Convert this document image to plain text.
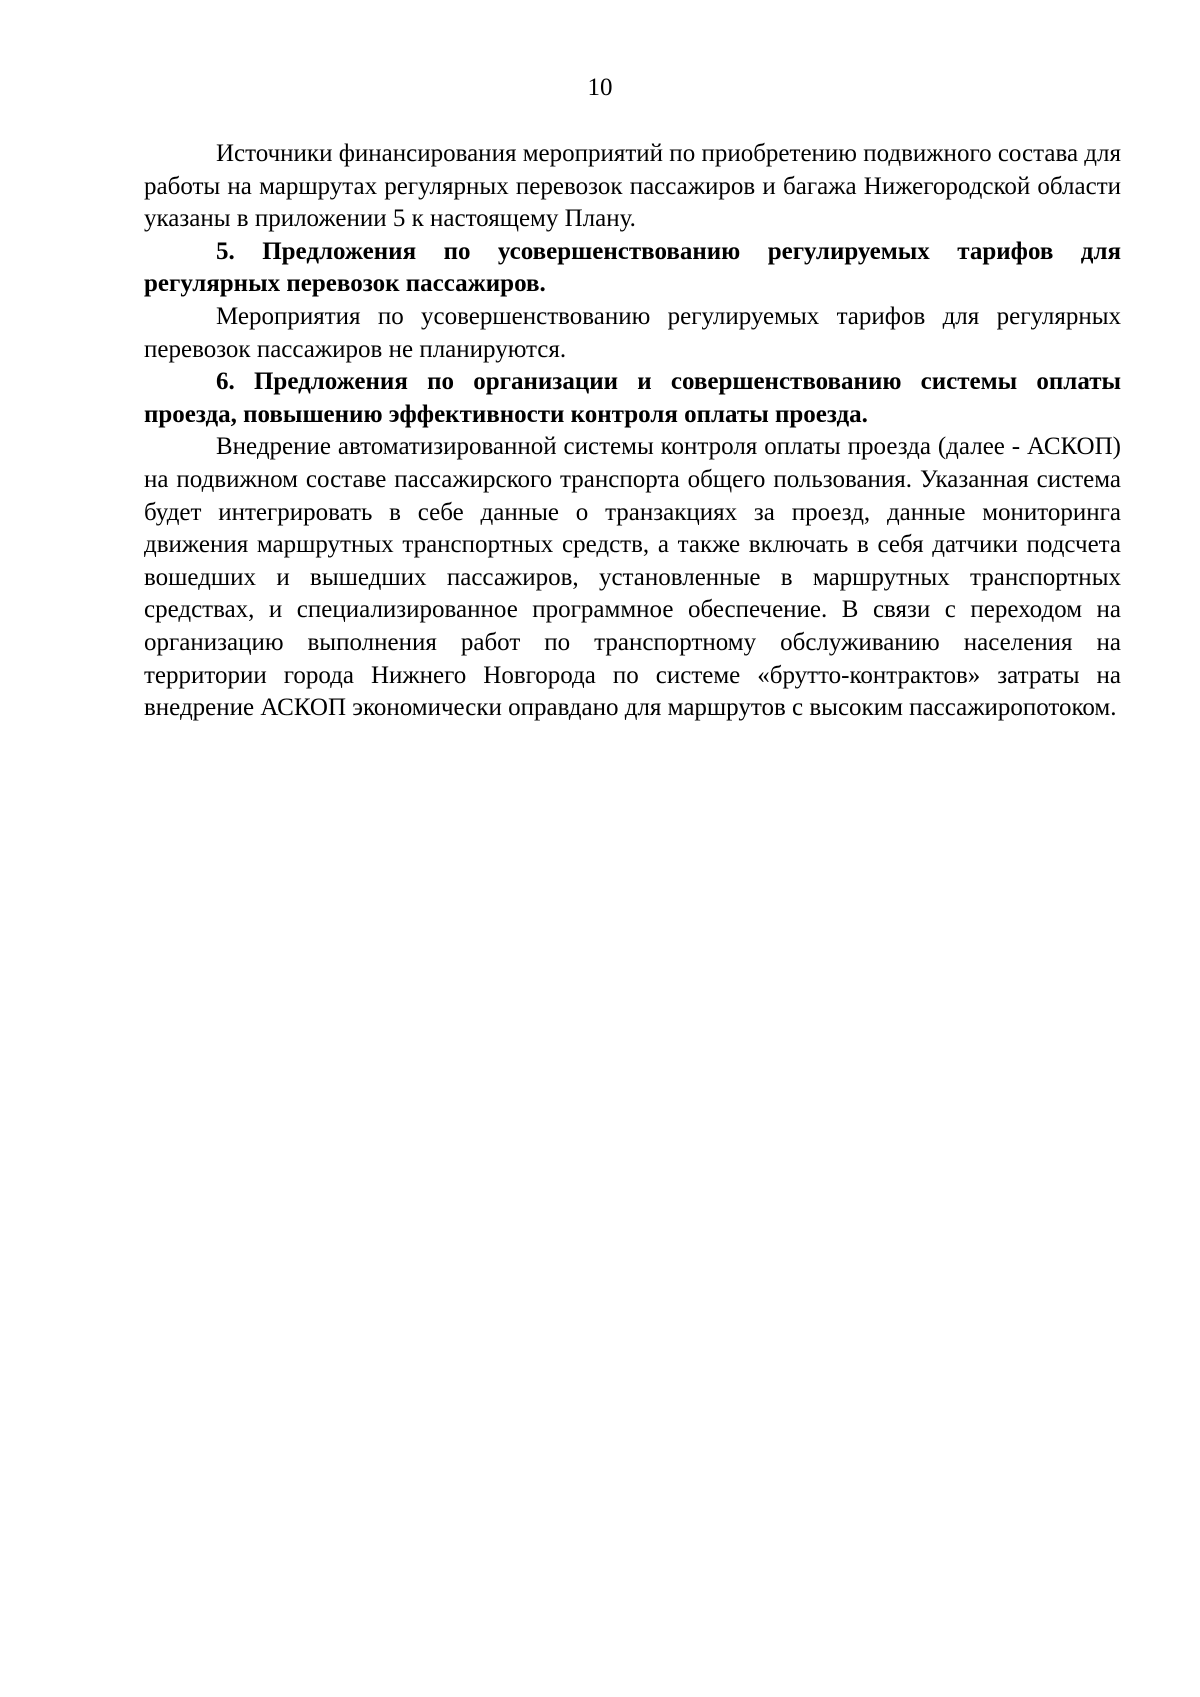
10

Источники финансирования мероприятий по приобретению подвижного состава для работы на маршрутах регулярных перевозок пассажиров и багажа Нижегородской области указаны в приложении 5 к настоящему Плану.

5. Предложения по усовершенствованию регулируемых тарифов для регулярных перевозок пассажиров.

Мероприятия по усовершенствованию регулируемых тарифов для регулярных перевозок пассажиров не планируются.

6. Предложения по организации и совершенствованию системы оплаты проезда, повышению эффективности контроля оплаты проезда.

Внедрение автоматизированной системы контроля оплаты проезда (далее - АСКОП) на подвижном составе пассажирского транспорта общего пользования. Указанная система будет интегрировать в себе данные о транзакциях за проезд, данные мониторинга движения маршрутных транспортных средств, а также включать в себя датчики подсчета вошедших и вышедших пассажиров, установленные в маршрутных транспортных средствах, и специализированное программное обеспечение. В связи с переходом на организацию выполнения работ по транспортному обслуживанию населения на территории города Нижнего Новгорода по системе «брутто-контрактов» затраты на внедрение АСКОП экономически оправдано для маршрутов с высоким пассажиропотоком.
